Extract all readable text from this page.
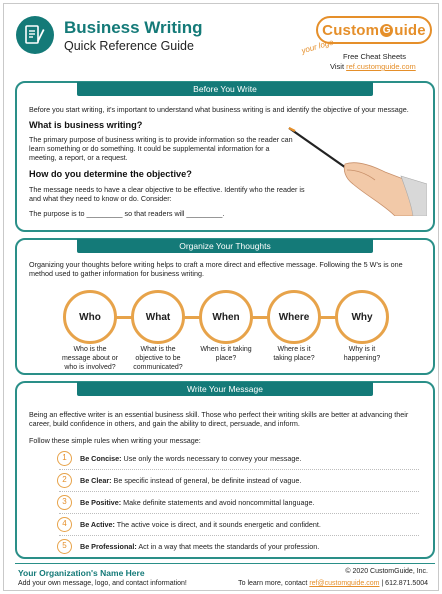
Business Writing
Quick Reference Guide
Custom G uide
your logo
Free Cheat Sheets
Visit ref.customguide.com
Before You Write
Before you start writing, it's important to understand what business writing is and identify the objective of your message.
What is business writing?
The primary purpose of business writing is to provide information so the reader can
learn something or do something. It could be supplemental information for a
meeting, a report, or a request.
How do you determine the objective?
The message needs to have a clear objective to be effective. Identify who the reader is
and what they need to know or do. Consider:
The purpose is to _________ so that readers will _________.
Organize Your Thoughts
Organizing your thoughts before writing helps to craft a more direct and effective message. Following the 5 W's is one
method used to gather information for business writing.
Who	What	When	Where	Why
Who is the
message about or
who is involved?
What is the
objective to be
communicated?
When is it taking
place?
Where is it
taking place?
Why is it
happening?
Write Your Message
Being an effective writer is an essential business skill. Those who perfect their writing skills are better at advancing their
career, build confidence in others, and gain the ability to direct, persuade, and inform.
Follow these simple rules when writing your message:
1	Be Concise: Use only the words necessary to convey your message.
2	Be Clear: Be specific instead of general, be definite instead of vague.
3	Be Positive: Make definite statements and avoid noncommittal language.
4	Be Active: The active voice is direct, and it sounds energetic and confident.
5	Be Professional: Act in a way that meets the standards of your profession.
Your Organization's Name Here
Add your own message, logo, and contact information!
© 2020 CustomGuide, Inc.
To learn more, contact ref@customguide.com | 612.871.5004
